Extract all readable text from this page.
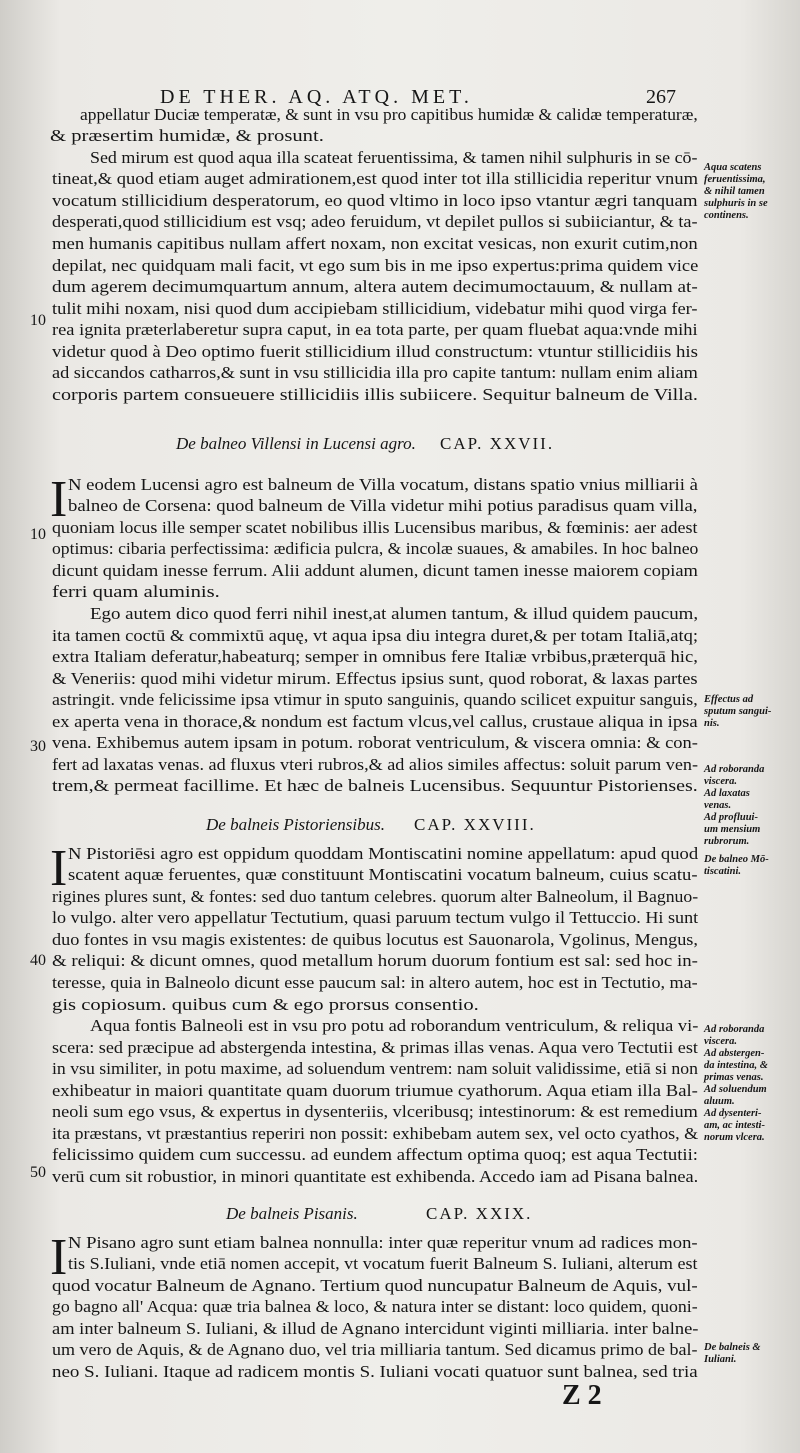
DE THER. AQ. ATQ. MET.	267
10
10
30
40
50
appellatur Duciæ temperatæ, & sunt in vsu pro capitibus humidæ & calidæ temperaturæ,
& præsertim humidæ, & prosunt.
Sed mirum est quod aqua illa scateat feruentissima, & tamen nihil sulphuris in se cō-
tineat,& quod etiam auget admirationem,est quod inter tot illa stillicidia reperitur vnum
vocatum stillicidium desperatorum, eo quod vltimo in loco ipso vtantur ægri tanquam
desperati,quod stillicidium est vsq; adeo feruidum, vt depilet pullos si subiiciantur, & ta-
men humanis capitibus nullam affert noxam, non excitat vesicas, non exurit cutim,non
depilat, nec quidquam mali facit, vt ego sum bis in me ipso expertus:prima quidem vice
dum agerem decimumquartum annum, altera autem decimumoctauum, & nullam at-
tulit mihi noxam, nisi quod dum accipiebam stillicidium, videbatur mihi quod virga fer-
rea ignita præterlaberetur supra caput, in ea tota parte, per quam fluebat aqua:vnde mihi
videtur quod à Deo optimo fuerit stillicidium illud constructum: vtuntur stillicidiis his
ad siccandos catharros,& sunt in vsu stillicidia illa pro capite tantum: nullam enim aliam
corporis partem consueuere stillicidiis illis subiicere. Sequitur balneum de Villa.
De balneo Villensi in Lucensi agro. CAP. XXVII.
I N eodem Lucensi agro est balneum de Villa vocatum, distans spatio vnius milliarii à
balneo de Corsena: quod balneum de Villa videtur mihi potius paradisus quam villa,
quoniam locus ille semper scatet nobilibus illis Lucensibus maribus, & fœminis: aer adest
optimus: cibaria perfectissima: ædificia pulcra, & incolæ suaues, & amabiles. In hoc balneo
dicunt quidam inesse ferrum. Alii addunt alumen, dicunt tamen inesse maiorem copiam
ferri quam aluminis.
Ego autem dico quod ferri nihil inest,at alumen tantum, & illud quidem paucum,
ita tamen coctū & commixtū aquę, vt aqua ipsa diu integra duret,& per totam Italiā,atq;
extra Italiam deferatur,habeaturq; semper in omnibus fere Italiæ vrbibus,præterquā hic,
& Veneriis: quod mihi videtur mirum. Effectus ipsius sunt, quod roborat, & laxas partes
astringit. vnde felicissime ipsa vtimur in sputo sanguinis, quando scilicet expuitur sanguis,
ex aperta vena in thorace,& nondum est factum vlcus,vel callus, crustaue aliqua in ipsa
vena. Exhibemus autem ipsam in potum. roborat ventriculum, & viscera omnia: & con-
fert ad laxatas venas. ad fluxus vteri rubros,& ad alios similes affectus: soluit parum ven-
trem,& permeat facillime. Et hæc de balneis Lucensibus. Sequuntur Pistorienses.
De balneis Pistoriensibus. CAP. XXVIII.
I N Pistoriēsi agro est oppidum quoddam Montiscatini nomine appellatum: apud quod
scatent aquæ feruentes, quæ constituunt Montiscatini vocatum balneum, cuius scatu-
rigines plures sunt, & fontes: sed duo tantum celebres. quorum alter Balneolum, il Bagnuo-
lo vulgo. alter vero appellatur Tectutium, quasi paruum tectum vulgo il Tettuccio. Hi sunt
duo fontes in vsu magis existentes: de quibus locutus est Sauonarola, Vgolinus, Mengus,
& reliqui: & dicunt omnes, quod metallum horum duorum fontium est sal: sed hoc in-
teresse, quia in Balneolo dicunt esse paucum sal: in altero autem, hoc est in Tectutio, ma-
gis copiosum. quibus cum & ego prorsus consentio.
Aqua fontis Balneoli est in vsu pro potu ad roborandum ventriculum, & reliqua vi-
scera: sed præcipue ad abstergenda intestina, & primas illas venas. Aqua vero Tectutii est
in vsu similiter, in potu maxime, ad soluendum ventrem: nam soluit validissime, etiā si non
exhibeatur in maiori quantitate quam duorum triumue cyathorum. Aqua etiam illa Bal-
neoli sum ego vsus, & expertus in dysenteriis, vlceribusq; intestinorum: & est remedium
ita præstans, vt præstantius reperiri non possit: exhibebam autem sex, vel octo cyathos, &
felicissimo quidem cum successu. ad eundem affectum optima quoq; est aqua Tectutii:
verū cum sit robustior, in minori quantitate est exhibenda. Accedo iam ad Pisana balnea.
De balneis Pisanis.	CAP. XXIX.
I N Pisano agro sunt etiam balnea nonnulla: inter quæ reperitur vnum ad radices mon-
tis S.Iuliani, vnde etiā nomen accepit, vt vocatum fuerit Balneum S. Iuliani, alterum est
quod vocatur Balneum de Agnano. Tertium quod nuncupatur Balneum de Aquis, vul-
go bagno all' Acqua: quæ tria balnea & loco, & natura inter se distant: loco quidem, quoni-
am inter balneum S. Iuliani, & illud de Agnano intercidunt viginti milliaria. inter balne-
um vero de Aquis, & de Agnano duo, vel tria milliaria tantum. Sed dicamus primo de bal-
neo S. Iuliani. Itaque ad radicem montis S. Iuliani vocati quatuor sunt balnea, sed tria
Aqua scatens
feruentissima,
& nihil tamen
sulphuris in se
continens.
Effectus ad
sputum sangui-
nis.
Ad roboranda
viscera.
Ad laxatas
venas.
Ad profluui-
um mensium
rubrorum.
De balneo Mō-
tiscatini.
Ad roboranda
viscera.
Ad abstergen-
da intestina, &
primas venas.
Ad soluendum
aluum.
Ad dysenteri-
am, ac intesti-
norum vlcera.
De balneis &
Iuliani.
Z 2
